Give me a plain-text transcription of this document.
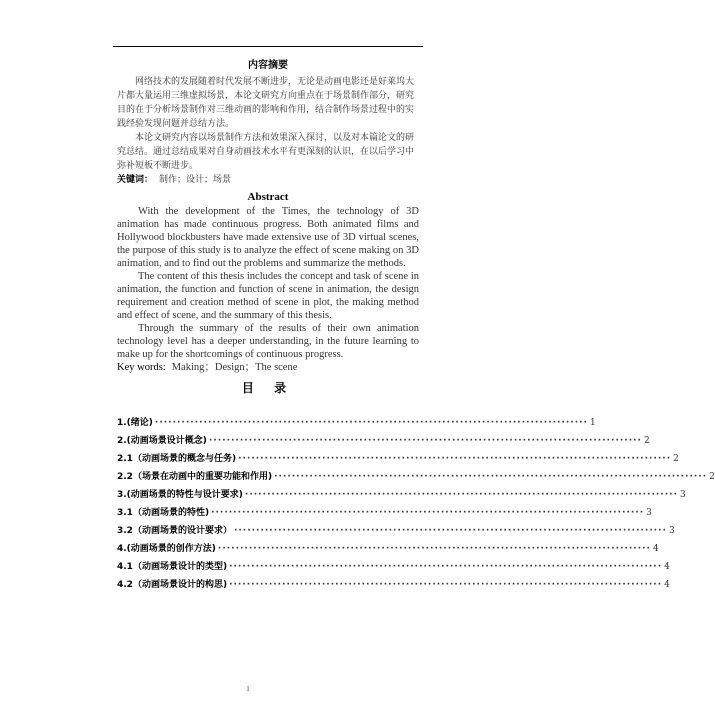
内容摘要

网络技术的发展随着时代发展不断进步，无论是动画电影还是好莱坞大片都大量运用三维虚拟场景，本论文研究方向重点在于场景制作部分，研究目的在于分析场景制作对三维动画的影响和作用，结合制作场景过程中的实践经验发现问题并总结方法。

本论文研究内容以场景制作方法和效果深入探讨，以及对本篇论文的研究总结。通过总结成果对自身动画技术水平有更深刻的认识，在以后学习中弥补短板不断进步。

关键词： 制作；设计；场景

Abstract

With the development of the Times, the technology of 3D animation has made continuous progress. Both animated films and Hollywood blockbusters have made extensive use of 3D virtual scenes, the purpose of this study is to analyze the effect of scene making on 3D animation, and to find out the problems and summarize the methods.

The content of this thesis includes the concept and task of scene in animation, the function and function of scene in animation, the design requirement and creation method of scene in plot, the making method and effect of scene, and the summary of this thesis.

Through the summary of the results of their own animation technology level has a deeper understanding, in the future learning to make up for the shortcomings of continuous progress.

Key words: Making；Design；The scene

目 录
1.(绪论) ·································································································· 1
2.(动画场景设计概念) ·································································································· 2
2.1（动画场景的概念与任务) ·································································································· 2
2.2（场景在动画中的重要功能和作用) ·································································································· 2
3.(动画场景的特性与设计要求) ·································································································· 3
3.1（动画场景的特性) ·································································································· 3
3.2（动画场景的设计要求） ·································································································· 3
4.(动画场景的创作方法) ·································································································· 4
4.1（动画场景设计的类型) ·································································································· 4
4.2（动画场景设计的构思) ·································································································· 4
1
